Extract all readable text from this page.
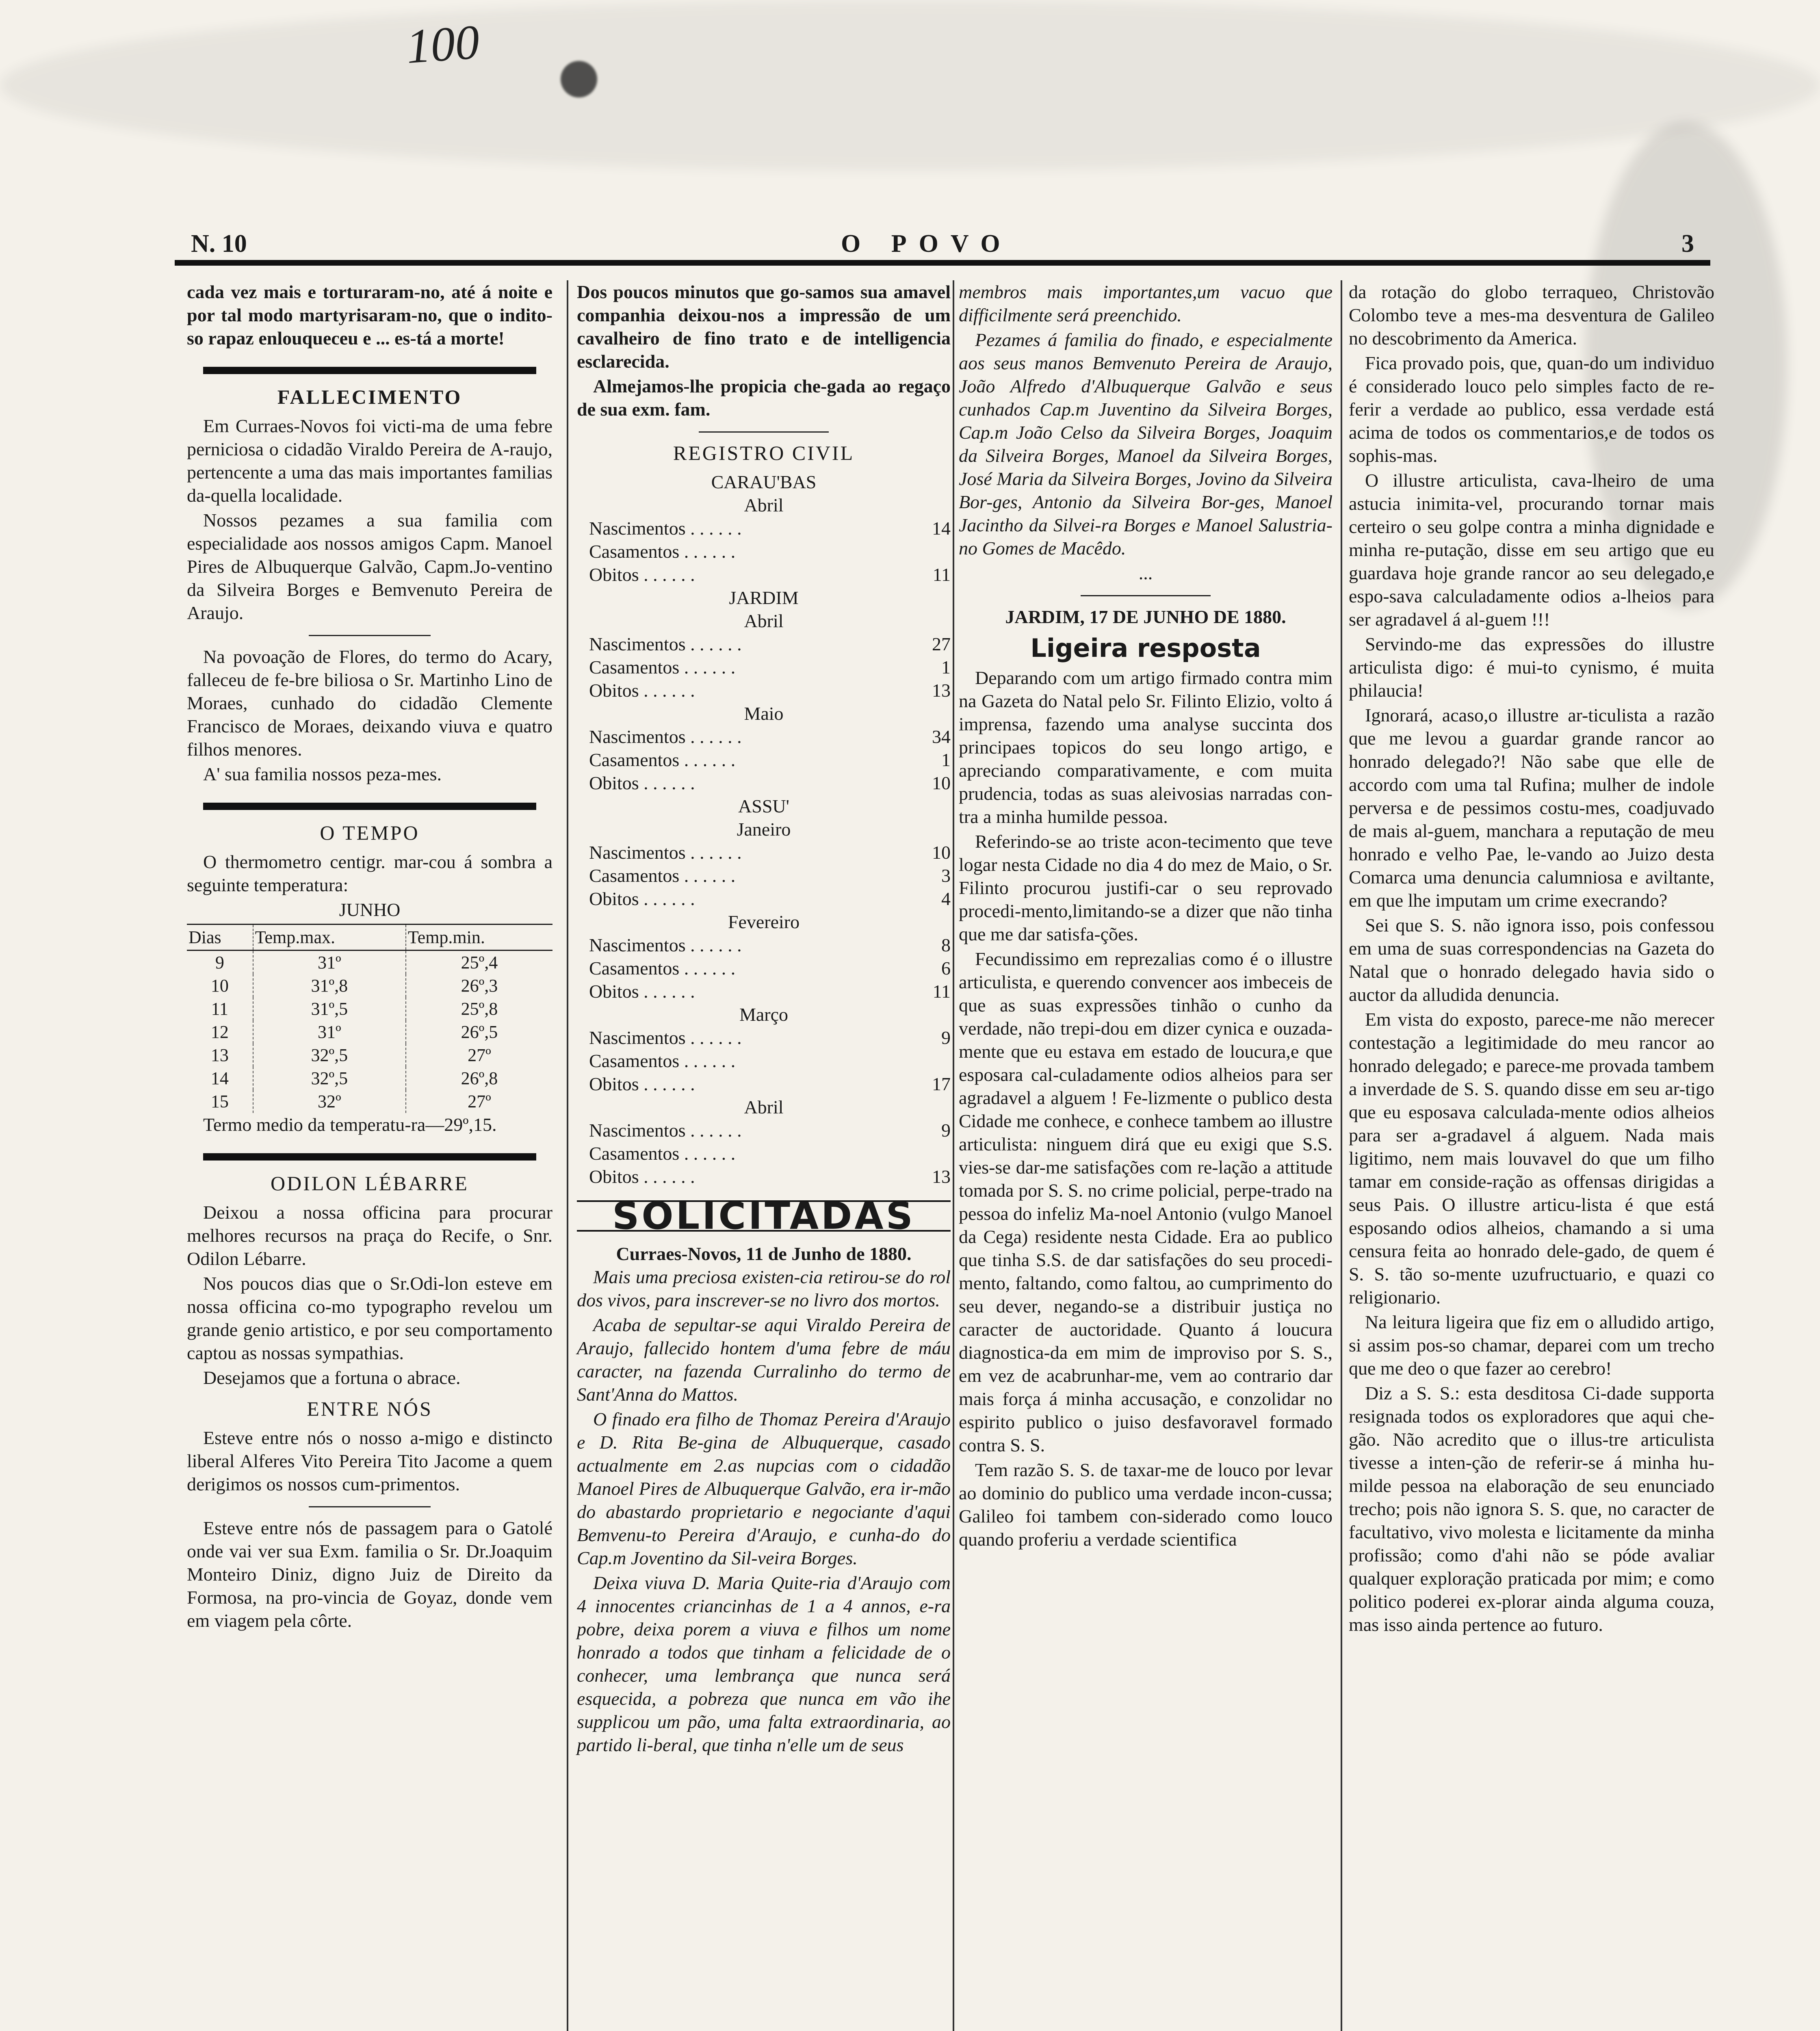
100
N. 10	O POVO	3

cada vez mais e torturaram-no, até á noite e por tal modo martyrisaram-no, que o indito-so rapaz enlouqueceu e ... es-tá a morte!

FALLECIMENTO

Em Curraes-Novos foi victi-ma de uma febre perniciosa o cidadão Viraldo Pereira de A-raujo, pertencente a uma das mais importantes familias da-quella localidade.

Nossos pezames a sua familia com especialidade aos nossos amigos Capm. Manoel Pires de Albuquerque Galvão, Capm.Jo-ventino da Silveira Borges e Bemvenuto Pereira de Araujo.

Na povoação de Flores, do termo do Acary, falleceu de fe-bre biliosa o Sr. Martinho Lino de Moraes, cunhado do cidadão Clemente Francisco de Moraes, deixando viuva e quatro filhos menores.

A' sua familia nossos peza-mes.

O TEMPO

O thermometro centigr. mar-cou á sombra a seguinte temperatura:

JUNHO
Dias	Temp.max.	Temp.min.
9	31º	25º,4
10	31º,8	26º,3
11	31º,5	25º,8
12	31º	26º,5
13	32º,5	27º
14	32º,5	26º,8
15	32º	27º

Termo medio da temperatu-ra—29º,15.

ODILON LÉBARRE

Deixou a nossa officina para procurar melhores recursos na praça do Recife, o Snr. Odilon Lébarre.

Nos poucos dias que o Sr.Odi-lon esteve em nossa officina co-mo typographo revelou um grande genio artistico, e por seu comportamento captou as nossas sympathias.

Desejamos que a fortuna o abrace.

ENTRE NÓS

Esteve entre nós o nosso a-migo e distincto liberal Alferes Vito Pereira Tito Jacome a quem derigimos os nossos cum-primentos.

Esteve entre nós de passagem para o Gatolé onde vai ver sua Exm. familia o Sr. Dr.Joaquim Monteiro Diniz, digno Juiz de Direito da Formosa, na pro-vincia de Goyaz, donde vem em viagem pela côrte.

Dos poucos minutos que go-samos sua amavel companhia deixou-nos a impressão de um cavalheiro de fino trato e de intelligencia esclarecida.

Almejamos-lhe propicia che-gada ao regaço de sua exm. fam.

REGISTRO CIVIL
CARAU'BAS
Abril
Nascimentos . . . . . .	14
Casamentos . . . . . .
Obitos . . . . . .	11
JARDIM
Abril
Nascimentos . . . . . .	27
Casamentos . . . . . .	1
Obitos . . . . . .	13
Maio
Nascimentos . . . . . .	34
Casamentos . . . . . .	1
Obitos . . . . . .	10
ASSU'
Janeiro
Nascimentos . . . . . .	10
Casamentos . . . . . .	3
Obitos . . . . . .	4
Fevereiro
Nascimentos . . . . . .	8
Casamentos . . . . . .	6
Obitos . . . . . .	11
Março
Nascimentos . . . . . .	9
Casamentos . . . . . .
Obitos . . . . . .	17
Abril
Nascimentos . . . . . .	9
Casamentos . . . . . .
Obitos . . . . . .	13
SOLICITADAS
Curraes-Novos, 11 de Junho de 1880.

Mais uma preciosa existen-cia retirou-se do rol dos vivos, para inscrever-se no livro dos mortos.

Acaba de sepultar-se aqui Viraldo Pereira de Araujo, fallecido hontem d'uma febre de máu caracter, na fazenda Curralinho do termo de Sant'Anna do Mattos.

O finado era filho de Thomaz Pereira d'Araujo e D. Rita Be-gina de Albuquerque, casado actualmente em 2.as nupcias com o cidadão Manoel Pires de Albuquerque Galvão, era ir-mão do abastardo proprietario e negociante d'aqui Bemvenu-to Pereira d'Araujo, e cunha-do do Cap.m Joventino da Sil-veira Borges.

Deixa viuva D. Maria Quite-ria d'Araujo com 4 innocentes criancinhas de 1 a 4 annos, e-ra pobre, deixa porem a viuva e filhos um nome honrado a todos que tinham a felicidade de o conhecer, uma lembrança que nunca será esquecida, a pobreza que nunca em vão ihe supplicou um pão, uma falta extraordinaria, ao partido li-beral, que tinha n'elle um de seus

membros mais importantes,um vacuo que difficilmente será preenchido.

Pezames á familia do finado, e especialmente aos seus manos Bemvenuto Pereira de Araujo, João Alfredo d'Albuquerque Galvão e seus cunhados Cap.m Juventino da Silveira Borges, Cap.m João Celso da Silveira Borges, Joaquim da Silveira Borges, Manoel da Silveira Borges, José Maria da Silveira Borges, Jovino da Silveira Bor-ges, Antonio da Silveira Bor-ges, Manoel Jacintho da Silvei-ra Borges e Manoel Salustria-no Gomes de Macêdo.

...
JARDIM, 17 DE JUNHO DE 1880.
Ligeira resposta

Deparando com um artigo firmado contra mim na Gazeta do Natal pelo Sr. Filinto Elizio, volto á imprensa, fazendo uma analyse succinta dos principaes topicos do seu longo artigo, e apreciando comparativamente, e com muita prudencia, todas as suas aleivosias narradas con-tra a minha humilde pessoa.

Referindo-se ao triste acon-tecimento que teve logar nesta Cidade no dia 4 do mez de Maio, o Sr. Filinto procurou justifi-car o seu reprovado procedi-mento,limitando-se a dizer que não tinha que me dar satisfa-ções.

Fecundissimo em reprezalias como é o illustre articulista, e querendo convencer aos imbeceis de que as suas expressões tinhão o cunho da verdade, não trepi-dou em dizer cynica e ouzada-mente que eu estava em estado de loucura,e que esposara cal-culadamente odios alheios para ser agradavel a alguem ! Fe-lizmente o publico desta Cidade me conhece, e conhece tambem ao illustre articulista: ninguem dirá que eu exigi que S.S. vies-se dar-me satisfações com re-lação a attitude tomada por S. S. no crime policial, perpe-trado na pessoa do infeliz Ma-noel Antonio (vulgo Manoel da Cega) residente nesta Cidade. Era ao publico que tinha S.S. de dar satisfações do seu procedi-mento, faltando, como faltou, ao cumprimento do seu dever, negando-se a distribuir justiça no caracter de auctoridade. Quanto á loucura diagnostica-da em mim de improviso por S. S., em vez de acabrunhar-me, vem ao contrario dar mais força á minha accusação, e conzolidar no espirito publico o juiso desfavoravel formado contra S. S.

Tem razão S. S. de taxar-me de louco por levar ao dominio do publico uma verdade incon-cussa; Galileo foi tambem con-siderado como louco quando proferiu a verdade scientifica

da rotação do globo terraqueo, Christovão Colombo teve a mes-ma desventura de Galileo no descobrimento da America.

Fica provado pois, que, quan-do um individuo é considerado louco pelo simples facto de re-ferir a verdade ao publico, essa verdade está acima de todos os commentarios,e de todos os sophis-mas.

O illustre articulista, cava-lheiro de uma astucia inimita-vel, procurando tornar mais certeiro o seu golpe contra a minha dignidade e minha re-putação, disse em seu artigo que eu guardava hoje grande rancor ao seu delegado,e espo-sava calculadamente odios a-lheios para ser agradavel á al-guem !!!

Servindo-me das expressões do illustre articulista digo: é mui-to cynismo, é muita philaucia!

Ignorará, acaso,o illustre ar-ticulista a razão que me levou a guardar grande rancor ao honrado delegado?! Não sabe que elle de accordo com uma tal Rufina; mulher de indole perversa e de pessimos costu-mes, coadjuvado de mais al-guem, manchara a reputação de meu honrado e velho Pae, le-vando ao Juizo desta Comarca uma denuncia calumniosa e aviltante, em que lhe imputam um crime execrando?

Sei que S. S. não ignora isso, pois confessou em uma de suas correspondencias na Gazeta do Natal que o honrado delegado havia sido o auctor da alludida denuncia.

Em vista do exposto, parece-me não merecer contestação a legitimidade do meu rancor ao honrado delegado; e parece-me provada tambem a inverdade de S. S. quando disse em seu ar-tigo que eu esposava calculada-mente odios alheios para ser a-gradavel á alguem. Nada mais ligitimo, nem mais louvavel do que um filho tamar em conside-ração as offensas dirigidas a seus Pais. O illustre articu-lista é que está esposando odios alheios, chamando a si uma censura feita ao honrado dele-gado, de quem é S. S. tão so-mente uzufructuario, e quazi co religionario.

Na leitura ligeira que fiz em o alludido artigo, si assim pos-so chamar, deparei com um trecho que me deo o que fazer ao cerebro!

Diz a S. S.: esta desditosa Ci-dade supporta resignada todos os exploradores que aqui che-gão. Não acredito que o illus-tre articulista tivesse a inten-ção de referir-se á minha hu-milde pessoa na elaboração de seu enunciado trecho; pois não ignora S. S. que, no caracter de facultativo, vivo molesta e licitamente da minha profissão; como d'ahi não se póde avaliar qualquer exploração praticada por mim; e como politico poderei ex-plorar ainda alguma couza, mas isso ainda pertence ao futuro.
